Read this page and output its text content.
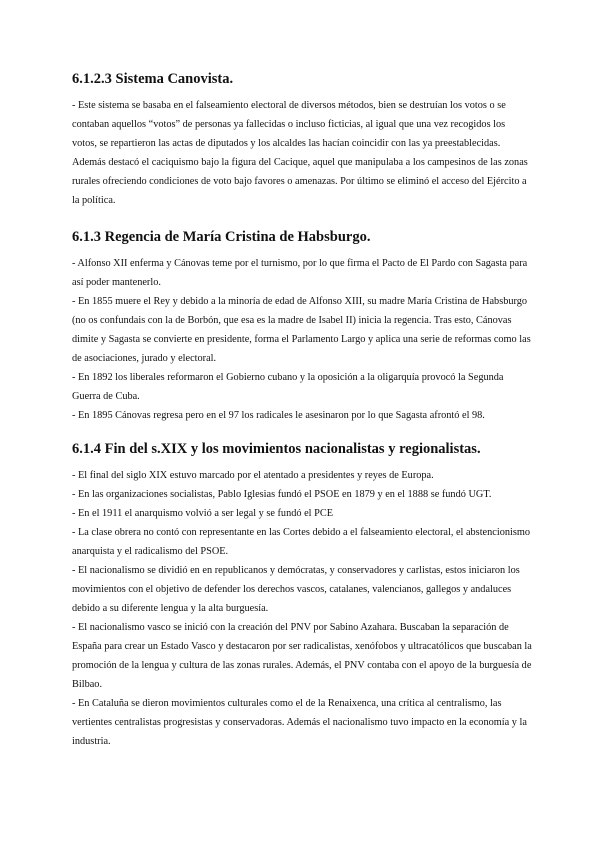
6.1.2.3 Sistema Canovista.

- Este sistema se basaba en el falseamiento electoral de diversos métodos, bien se destruían los votos o se contaban aquellos “votos” de personas ya fallecidas o incluso ficticias, al igual que una vez recogidos los votos, se repartieron las actas de diputados y los alcaldes las hacían coincidir con las ya preestablecidas. Además destacó el caciquismo bajo la figura del Cacique, aquel que manipulaba a los campesinos de las zonas rurales ofreciendo condiciones de voto bajo favores o amenazas. Por último se eliminó el acceso del Ejército a la política.

6.1.3 Regencia de María Cristina de Habsburgo.

- Alfonso XII enferma y Cánovas teme por el turnismo, por lo que firma el Pacto de El Pardo con Sagasta para así poder mantenerlo.

- En 1855 muere el Rey y debido a la minoría de edad de Alfonso XIII, su madre María Cristina de Habsburgo (no os confundais con la de Borbón, que esa es la madre de Isabel II) inicia la regencia. Tras esto, Cánovas dimite y Sagasta se convierte en presidente, forma el Parlamento Largo y aplica una serie de reformas como las de asociaciones, jurado y electoral.

- En 1892 los liberales reformaron el Gobierno cubano y la oposición a la oligarquía provocó la Segunda Guerra de Cuba.

- En 1895 Cánovas regresa pero en el 97 los radicales le asesinaron por lo que Sagasta afrontó el 98.

6.1.4 Fin del s.XIX y los movimientos nacionalistas y regionalistas.

- El final del siglo XIX estuvo marcado por el atentado a presidentes y reyes de Europa.

- En las organizaciones socialistas, Pablo Iglesias fundó el PSOE en 1879 y en el 1888 se fundó UGT.

- En el 1911 el anarquismo volvió a ser legal y se fundó el PCE

- La clase obrera no contó con representante en las Cortes debido a el falseamiento electoral, el abstencionismo anarquista y el radicalismo del PSOE.

- El nacionalismo se dividió en en republicanos y demócratas, y conservadores y carlistas, estos iniciaron los movimientos con el objetivo de defender los derechos vascos, catalanes, valencianos, gallegos y andaluces debido a su diferente lengua y la alta burguesía.

- El nacionalismo vasco se inició con la creación del PNV por Sabino Azahara. Buscaban la separación de España para crear un Estado Vasco y destacaron por ser radicalistas, xenófobos y ultracatólicos que buscaban la promoción de la lengua y cultura de las zonas rurales. Además, el PNV contaba con el apoyo de la burguesía de Bilbao.

- En Cataluña se dieron movimientos culturales como el de la Renaixenca, una crítica al centralismo, las vertientes centralistas progresistas y conservadoras. Además el nacionalismo tuvo impacto en la economía y la industria.
